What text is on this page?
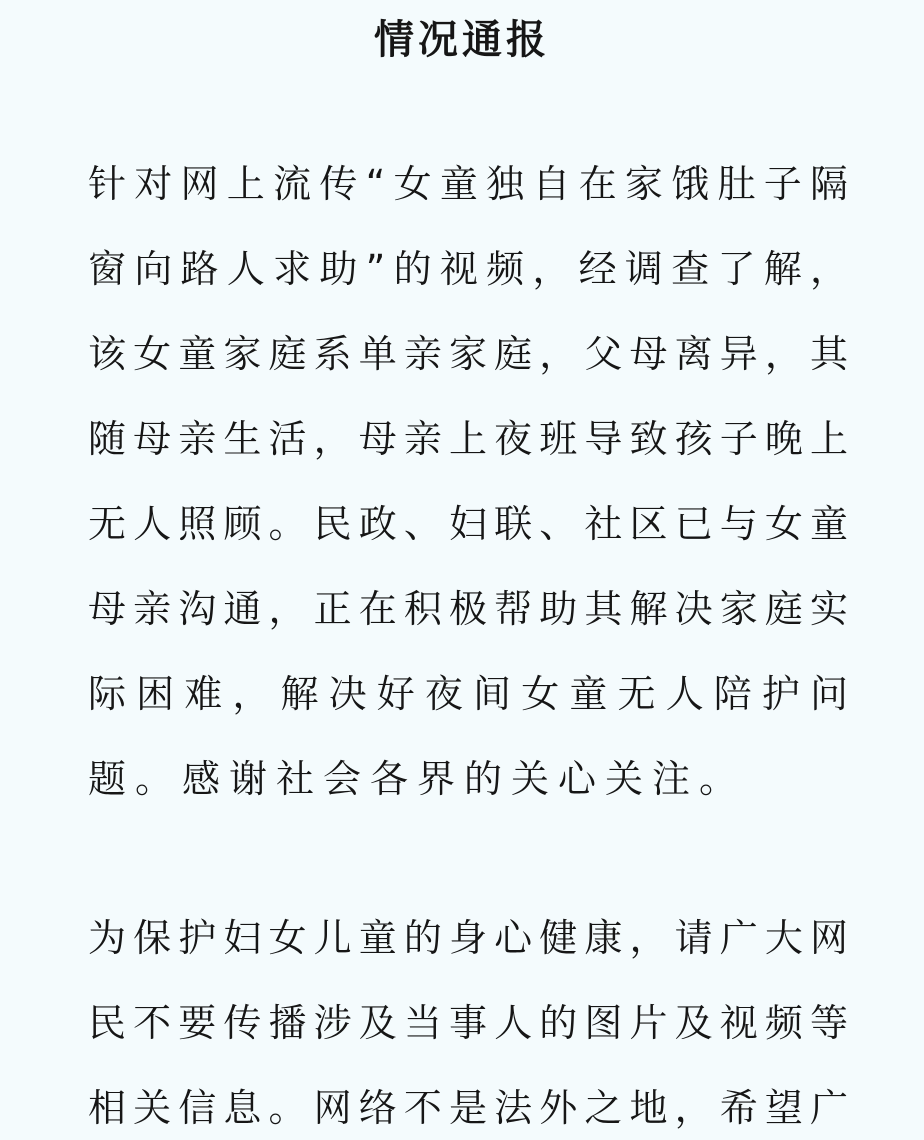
情况通报
针对网上流传“女童独自在家饿肚子隔
窗向路人求助”的视频，经调查了解，
该女童家庭系单亲家庭，父母离异，其
随母亲生活，母亲上夜班导致孩子晚上
无人照顾。民政、妇联、社区已与女童
母亲沟通，正在积极帮助其解决家庭实
际困难，解决好夜间女童无人陪护问
题。感谢社会各界的关心关注。
为保护妇女儿童的身心健康，请广大网
民不要传播涉及当事人的图片及视频等
相关信息。网络不是法外之地，希望广
